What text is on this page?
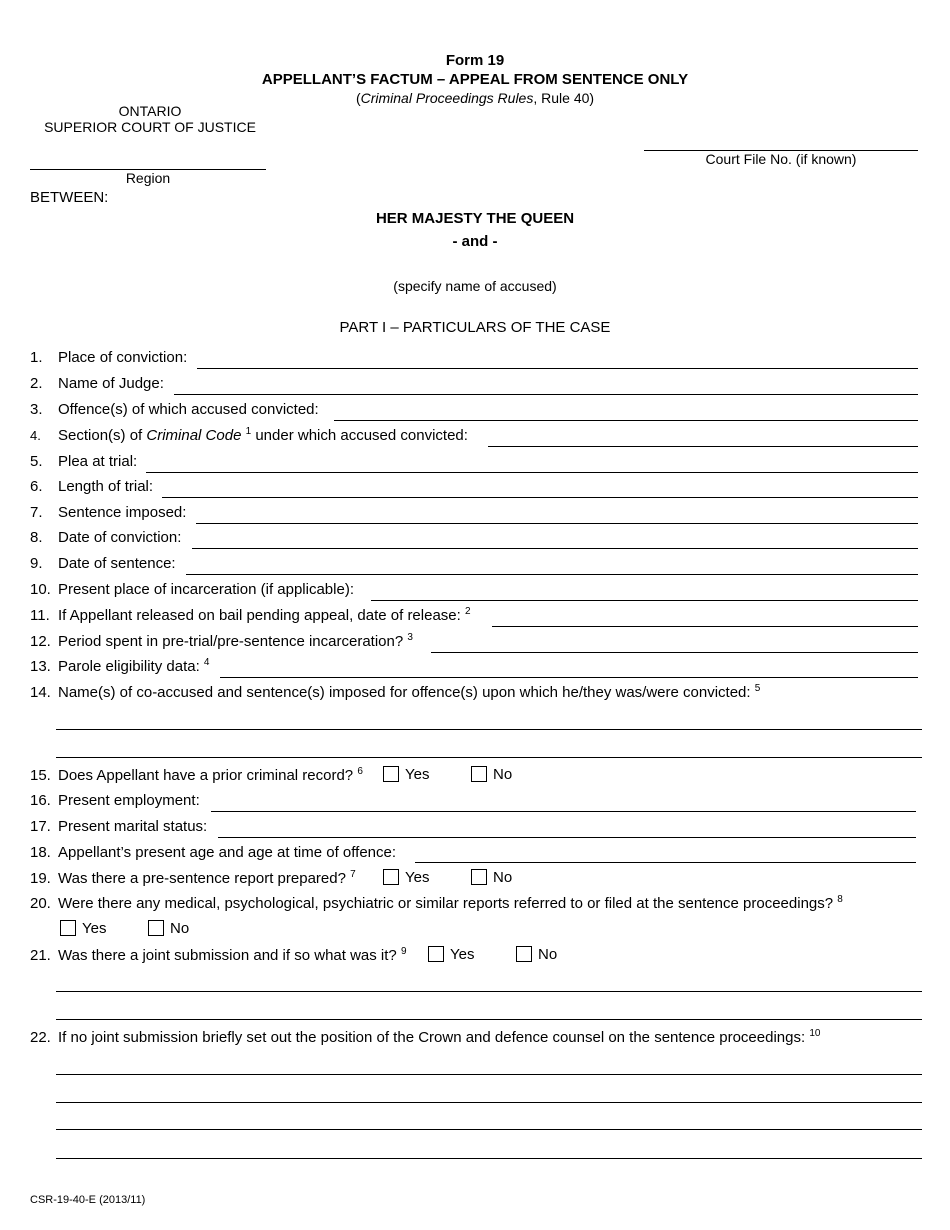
Form 19
APPELLANT’S FACTUM – APPEAL FROM SENTENCE ONLY
(Criminal Proceedings Rules, Rule 40)
ONTARIO
SUPERIOR COURT OF JUSTICE
Court File No. (if known)
Region
BETWEEN:
HER MAJESTY THE QUEEN
- and -
(specify name of accused)
PART I – PARTICULARS OF THE CASE
1. Place of conviction:
2. Name of Judge:
3. Offence(s) of which accused convicted:
4. Section(s) of Criminal Code $^1$ under which accused convicted:
5. Plea at trial:
6. Length of trial:
7. Sentence imposed:
8. Date of conviction:
9. Date of sentence:
10. Present place of incarceration (if applicable):
11. If Appellant released on bail pending appeal, date of release: $^2$
12. Period spent in pre-trial/pre-sentence incarceration? $^3$
13. Parole eligibility data: $^4$
14. Name(s) of co-accused and sentence(s) imposed for offence(s) upon which he/they was/were convicted: $^5$
15. Does Appellant have a prior criminal record? $^6$	Yes	No
16. Present employment:
17. Present marital status:
18. Appellant’s present age and age at time of offence:
19. Was there a pre-sentence report prepared? $^7$	Yes	No
20. Were there any medical, psychological, psychiatric or similar reports referred to or filed at the sentence proceedings? $^8$
Yes	No
21. Was there a joint submission and if so what was it? $^9$	Yes	No
22. If no joint submission briefly set out the position of the Crown and defence counsel on the sentence proceedings: $^{10}$
CSR-19-40-E (2013/11)
